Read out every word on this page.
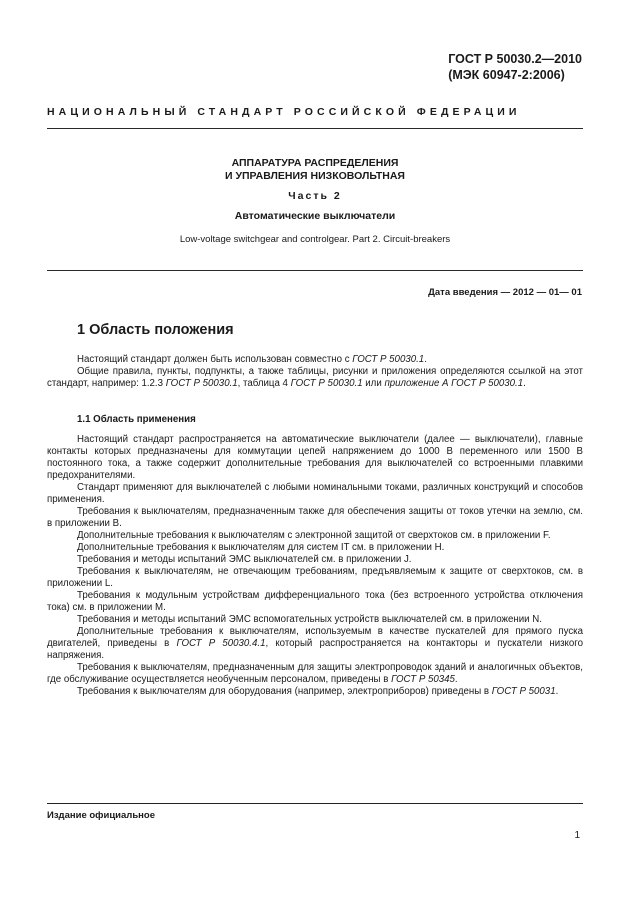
ГОСТ Р 50030.2—2010
(МЭК 60947-2:2006)
НАЦИОНАЛЬНЫЙ СТАНДАРТ РОССИЙСКОЙ ФЕДЕРАЦИИ
АППАРАТУРА РАСПРЕДЕЛЕНИЯ
И УПРАВЛЕНИЯ НИЗКОВОЛЬТНАЯ
Часть 2
Автоматические выключатели
Low-voltage switchgear and controlgear. Part 2. Circuit-breakers
Дата введения — 2012 — 01— 01
1 Область положения

Настоящий стандарт должен быть использован совместно с ГОСТ Р 50030.1.

Общие правила, пункты, подпункты, а также таблицы, рисунки и приложения определяются ссылкой на этот стандарт, например: 1.2.3 ГОСТ Р 50030.1, таблица 4 ГОСТ Р 50030.1 или приложение А ГОСТ Р 50030.1.

1.1 Область применения

Настоящий стандарт распространяется на автоматические выключатели (далее — выключатели), главные контакты которых предназначены для коммутации цепей напряжением до 1000 В переменного или 1500 В постоянного тока, а также содержит дополнительные требования для выключателей со встроенными плавкими предохранителями.

Стандарт применяют для выключателей с любыми номинальными токами, различных конструкций и способов применения.

Требования к выключателям, предназначенным также для обеспечения защиты от токов утечки на землю, см. в приложении В.

Дополнительные требования к выключателям с электронной защитой от сверхтоков см. в приложении F.

Дополнительные требования к выключателям для систем IT см. в приложении Н.

Требования и методы испытаний ЭМС выключателей см. в приложении J.

Требования к выключателям, не отвечающим требованиям, предъявляемым к защите от сверхтоков, см. в приложении L.

Требования к модульным устройствам дифференциального тока (без встроенного устройства отключения тока) см. в приложении М.

Требования и методы испытаний ЭМС вспомогательных устройств выключателей см. в приложении N.

Дополнительные требования к выключателям, используемым в качестве пускателей для прямого пуска двигателей, приведены в ГОСТ Р 50030.4.1, который распространяется на контакторы и пускатели низкого напряжения.

Требования к выключателям, предназначенным для защиты электропроводок зданий и аналогичных объектов, где обслуживание осуществляется необученным персоналом, приведены в ГОСТ Р 50345.

Требования к выключателям для оборудования (например, электроприборов) приведены в ГОСТ Р 50031.

Издание официальное
1
